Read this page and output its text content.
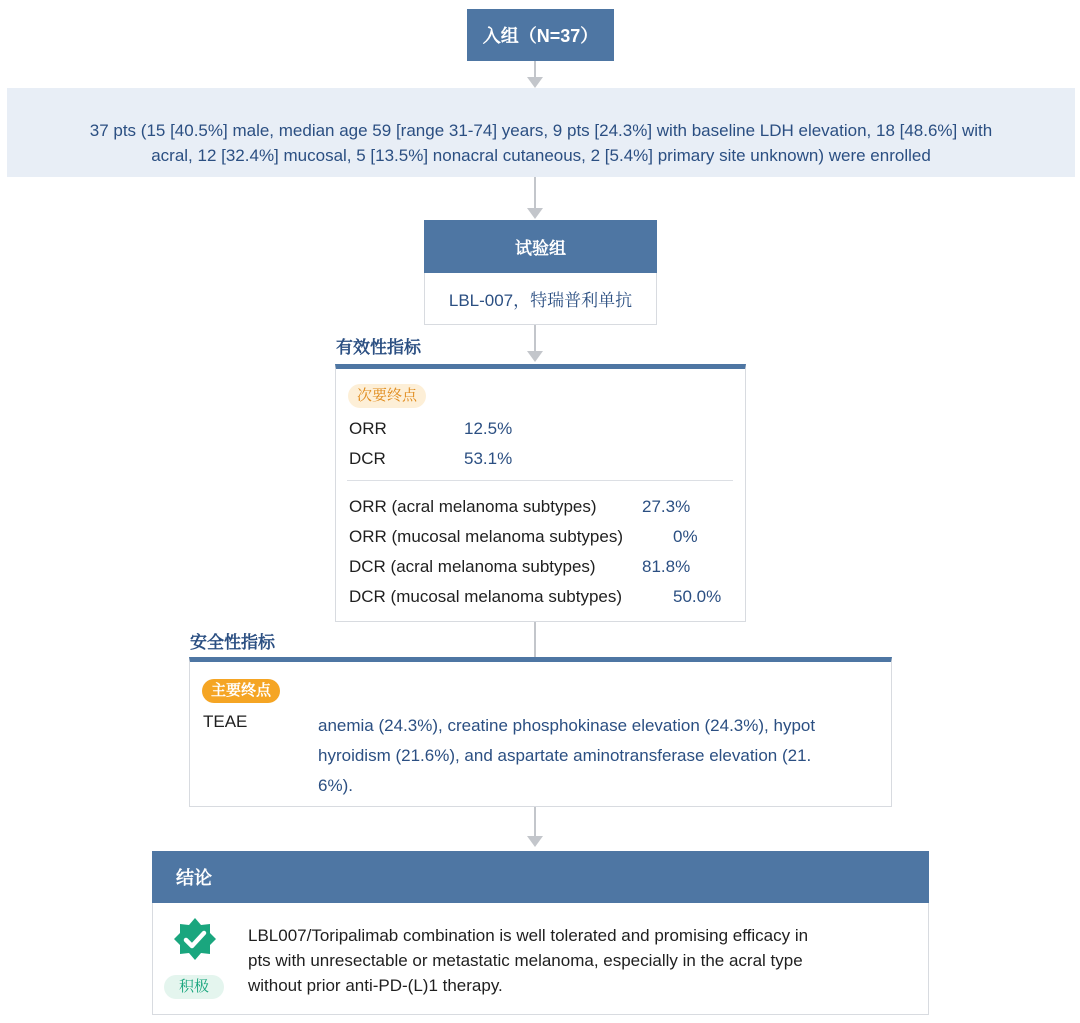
入组（N=37）
37 pts (15 [40.5%] male, median age 59 [range 31-74] years, 9 pts [24.3%] with baseline LDH elevation, 18 [48.6%] with
acral, 12 [32.4%] mucosal, 5 [13.5%] nonacral cutaneous, 2 [5.4%] primary site unknown) were enrolled
试验组
LBL-007，特瑞普利单抗
有效性指标
次要终点
ORR	12.5%
DCR	53.1%
ORR (acral melanoma subtypes)	27.3%
ORR (mucosal melanoma subtypes)	0%
DCR (acral melanoma subtypes)	81.8%
DCR (mucosal melanoma subtypes)	50.0%
安全性指标
主要终点
TEAE	anemia (24.3%), creatine phosphokinase elevation (24.3%), hypot
hyroidism (21.6%), and aspartate aminotransferase elevation (21.
6%).
结论
积极
LBL007/Toripalimab combination is well tolerated and promising efficacy in
pts with unresectable or metastatic melanoma, especially in the acral type
without prior anti-PD-(L)1 therapy.
